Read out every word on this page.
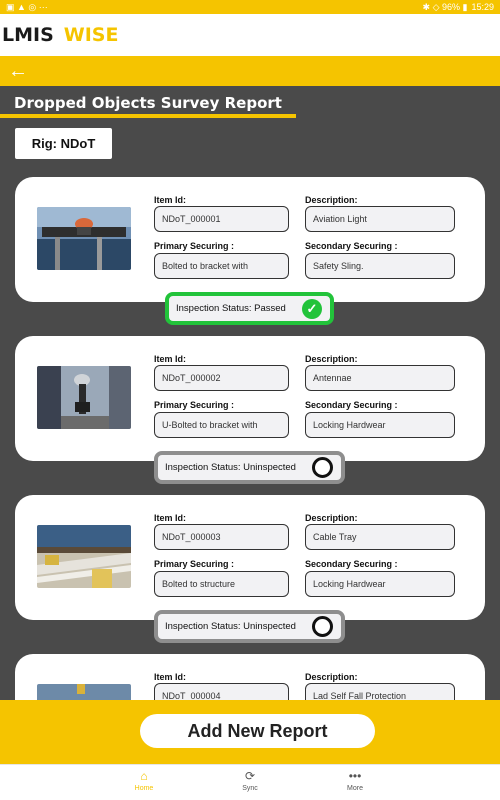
▣ ▲ ◎ ···	✱ ◇ 96% ▮ 15:29
LMIS WISE
←
Dropped Objects Survey Report
Rig: NDoT
Item Id:
NDoT_000001
Description:
Aviation Light
Primary Securing :
Bolted to bracket with
Secondary Securing :
Safety Sling.
Inspection Status: Passed	✓
Item Id:
NDoT_000002
Description:
Antennae
Primary Securing :
U-Bolted to bracket with
Secondary Securing :
Locking Hardwear
Inspection Status: Uninspected
Item Id:
NDoT_000003
Description:
Cable Tray
Primary Securing :
Bolted to structure
Secondary Securing :
Locking Hardwear
Inspection Status: Uninspected
Item Id:
NDoT_000004
Description:
Lad Self Fall Protection
Add New Report
⌂
Home
⟳
Sync
•••
More
